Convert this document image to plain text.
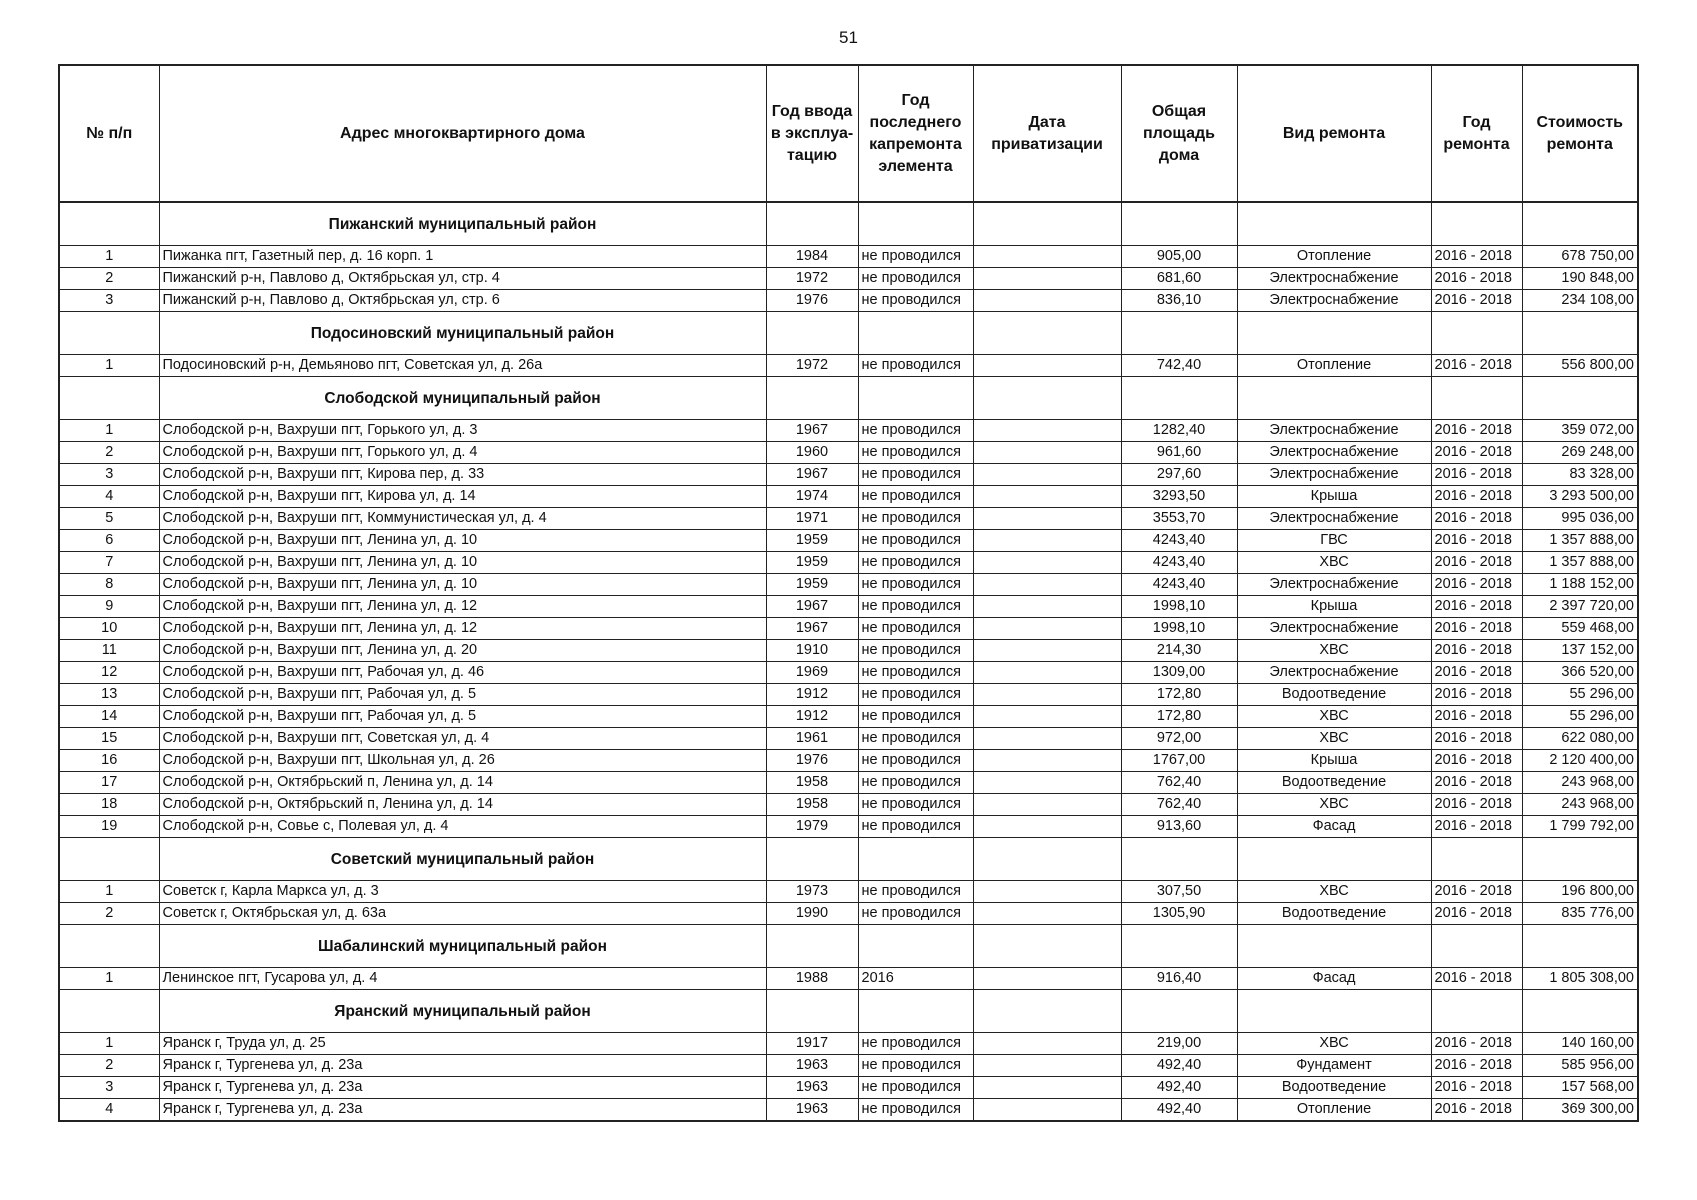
51
№ п/п	Адрес многоквартирного дома	Год ввода в эксплуа-тацию	Год последнего капремонта элемента	Дата приватизации	Общая площадь дома	Вид ремонта	Год ремонта	Стоимость ремонта
	Пижанский муниципальный район							
1	Пижанка пгт, Газетный пер, д. 16 корп. 1	1984	не проводился		905,00	Отопление	2016 - 2018	678 750,00
2	Пижанский р-н, Павлово д, Октябрьская ул, стр. 4	1972	не проводился		681,60	Электроснабжение	2016 - 2018	190 848,00
3	Пижанский р-н, Павлово д, Октябрьская ул, стр. 6	1976	не проводился		836,10	Электроснабжение	2016 - 2018	234 108,00
	Подосиновский муниципальный район							
1	Подосиновский р-н, Демьяново пгт, Советская ул, д. 26а	1972	не проводился		742,40	Отопление	2016 - 2018	556 800,00
	Слободской муниципальный район							
1	Слободской р-н, Вахруши пгт, Горького ул, д. 3	1967	не проводился		1282,40	Электроснабжение	2016 - 2018	359 072,00
2	Слободской р-н, Вахруши пгт, Горького ул, д. 4	1960	не проводился		961,60	Электроснабжение	2016 - 2018	269 248,00
3	Слободской р-н, Вахруши пгт, Кирова пер, д. 33	1967	не проводился		297,60	Электроснабжение	2016 - 2018	83 328,00
4	Слободской р-н, Вахруши пгт, Кирова ул, д. 14	1974	не проводился		3293,50	Крыша	2016 - 2018	3 293 500,00
5	Слободской р-н, Вахруши пгт, Коммунистическая ул, д. 4	1971	не проводился		3553,70	Электроснабжение	2016 - 2018	995 036,00
6	Слободской р-н, Вахруши пгт, Ленина ул, д. 10	1959	не проводился		4243,40	ГВС	2016 - 2018	1 357 888,00
7	Слободской р-н, Вахруши пгт, Ленина ул, д. 10	1959	не проводился		4243,40	ХВС	2016 - 2018	1 357 888,00
8	Слободской р-н, Вахруши пгт, Ленина ул, д. 10	1959	не проводился		4243,40	Электроснабжение	2016 - 2018	1 188 152,00
9	Слободской р-н, Вахруши пгт, Ленина ул, д. 12	1967	не проводился		1998,10	Крыша	2016 - 2018	2 397 720,00
10	Слободской р-н, Вахруши пгт, Ленина ул, д. 12	1967	не проводился		1998,10	Электроснабжение	2016 - 2018	559 468,00
11	Слободской р-н, Вахруши пгт, Ленина ул, д. 20	1910	не проводился		214,30	ХВС	2016 - 2018	137 152,00
12	Слободской р-н, Вахруши пгт, Рабочая ул, д. 46	1969	не проводился		1309,00	Электроснабжение	2016 - 2018	366 520,00
13	Слободской р-н, Вахруши пгт, Рабочая ул, д. 5	1912	не проводился		172,80	Водоотведение	2016 - 2018	55 296,00
14	Слободской р-н, Вахруши пгт, Рабочая ул, д. 5	1912	не проводился		172,80	ХВС	2016 - 2018	55 296,00
15	Слободской р-н, Вахруши пгт, Советская ул, д. 4	1961	не проводился		972,00	ХВС	2016 - 2018	622 080,00
16	Слободской р-н, Вахруши пгт, Школьная ул, д. 26	1976	не проводился		1767,00	Крыша	2016 - 2018	2 120 400,00
17	Слободской р-н, Октябрьский п, Ленина ул, д. 14	1958	не проводился		762,40	Водоотведение	2016 - 2018	243 968,00
18	Слободской р-н, Октябрьский п, Ленина ул, д. 14	1958	не проводился		762,40	ХВС	2016 - 2018	243 968,00
19	Слободской р-н, Совье с, Полевая ул, д. 4	1979	не проводился		913,60	Фасад	2016 - 2018	1 799 792,00
	Советский муниципальный район							
1	Советск г, Карла Маркса ул, д. 3	1973	не проводился		307,50	ХВС	2016 - 2018	196 800,00
2	Советск г, Октябрьская ул, д. 63а	1990	не проводился		1305,90	Водоотведение	2016 - 2018	835 776,00
	Шабалинский муниципальный район							
1	Ленинское пгт, Гусарова ул, д. 4	1988	2016		916,40	Фасад	2016 - 2018	1 805 308,00
	Яранский муниципальный район							
1	Яранск г, Труда ул, д. 25	1917	не проводился		219,00	ХВС	2016 - 2018	140 160,00
2	Яранск г, Тургенева ул, д. 23а	1963	не проводился		492,40	Фундамент	2016 - 2018	585 956,00
3	Яранск г, Тургенева ул, д. 23а	1963	не проводился		492,40	Водоотведение	2016 - 2018	157 568,00
4	Яранск г, Тургенева ул, д. 23а	1963	не проводился		492,40	Отопление	2016 - 2018	369 300,00
